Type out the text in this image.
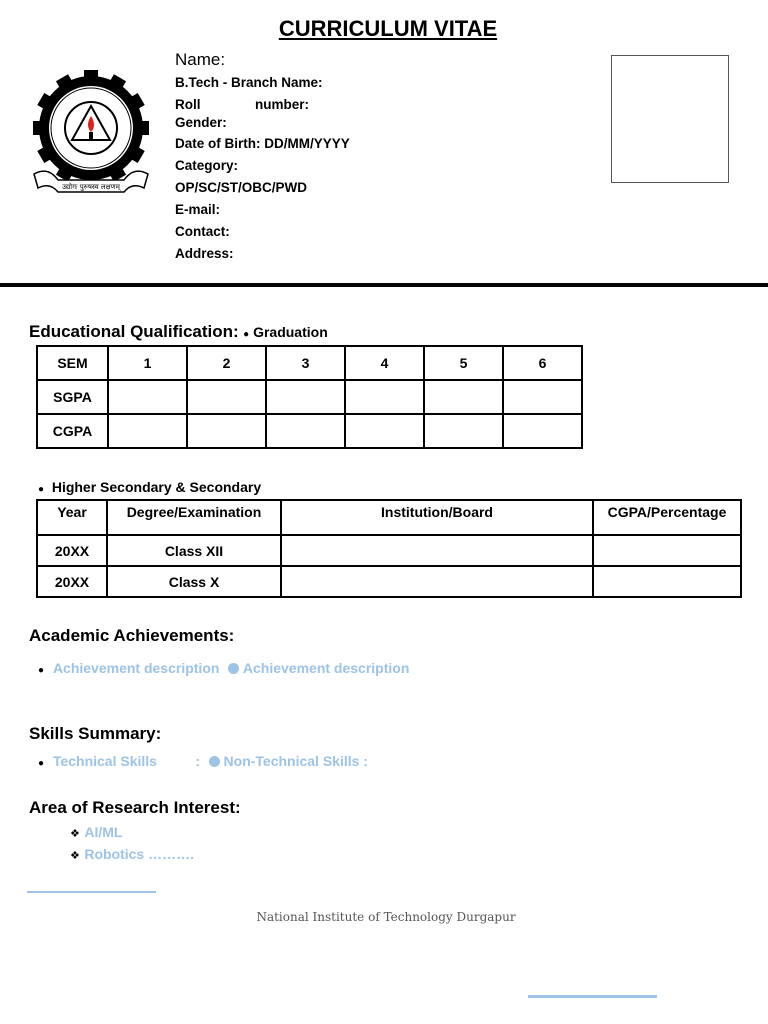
CURRICULUM VITAE
DURGAPUR
उद्योगः पुरुषस्य लक्षणम्
Name:
B.Tech - Branch Name:
Roll	number:
Gender:
Date of Birth: DD/MM/YYYY
Category:
OP/SC/ST/OBC/PWD
E-mail:
Contact:
Address:
Educational Qualification: ● Graduation
SEM	1	2	3	4	5	6
SGPA						
CGPA						
● Higher Secondary & Secondary
Year	Degree/Examination	Institution/Board	CGPA/Percentage
20XX	Class XII		
20XX	Class X		
Academic Achievements:
● Achievement description Achievement description
Skills Summary:
● Technical Skills	: Non-Technical Skills :
Area of Research Interest:
❖ AI/ML
❖ Robotics ……….
National Institute of Technology Durgapur
